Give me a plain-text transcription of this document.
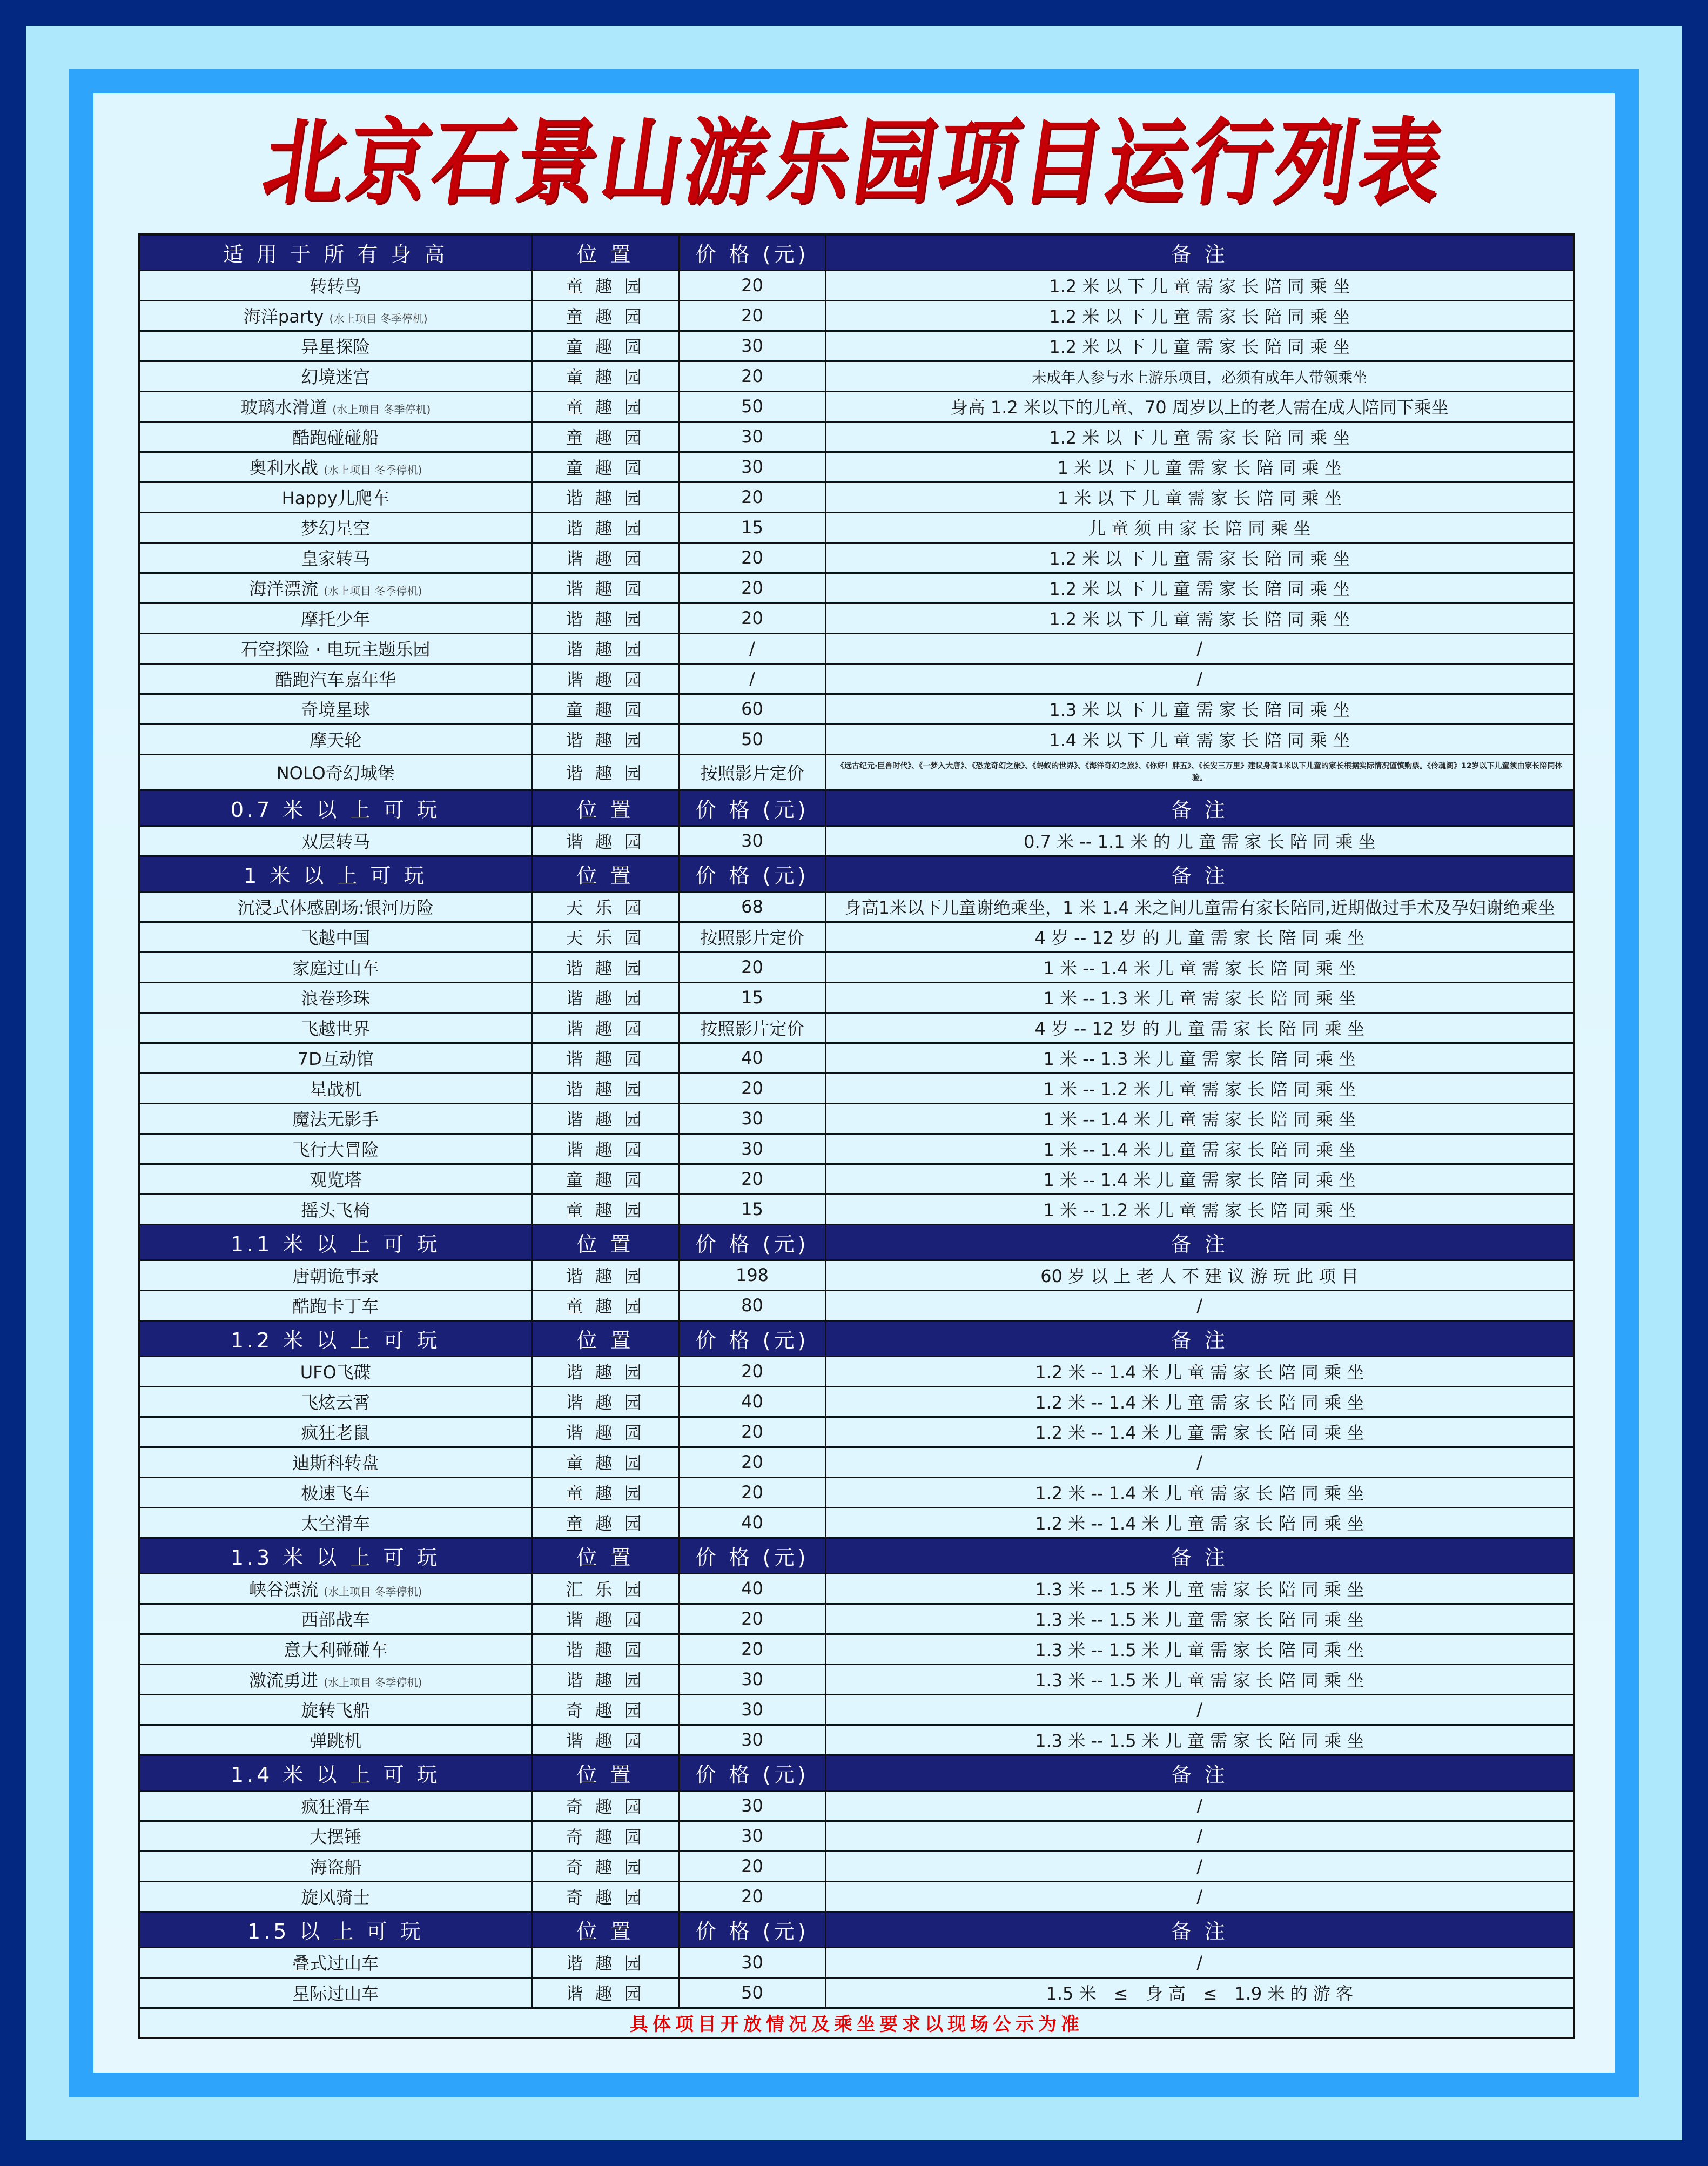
北京石景山游乐园项目运行列表
适 用 于 所 有 身 高	位 置	价 格 (元)	备 注
转转鸟	童 趣 园	20	1.2 米 以 下 儿 童 需 家 长 陪 同 乘 坐
海洋party (水上项目 冬季停机)	童 趣 园	20	1.2 米 以 下 儿 童 需 家 长 陪 同 乘 坐
异星探险	童 趣 园	30	1.2 米 以 下 儿 童 需 家 长 陪 同 乘 坐
幻境迷宫	童 趣 园	20	未成年人参与水上游乐项目，必须有成年人带领乘坐
玻璃水滑道 (水上项目 冬季停机)	童 趣 园	50	身高 1.2 米以下的儿童、70 周岁以上的老人需在成人陪同下乘坐
酷跑碰碰船	童 趣 园	30	1.2 米 以 下 儿 童 需 家 长 陪 同 乘 坐
奥利水战 (水上项目 冬季停机)	童 趣 园	30	1 米 以 下 儿 童 需 家 长 陪 同 乘 坐
Happy儿爬车	谐 趣 园	20	1 米 以 下 儿 童 需 家 长 陪 同 乘 坐
梦幻星空	谐 趣 园	15	儿 童 须 由 家 长 陪 同 乘 坐
皇家转马	谐 趣 园	20	1.2 米 以 下 儿 童 需 家 长 陪 同 乘 坐
海洋漂流 (水上项目 冬季停机)	谐 趣 园	20	1.2 米 以 下 儿 童 需 家 长 陪 同 乘 坐
摩托少年	谐 趣 园	20	1.2 米 以 下 儿 童 需 家 长 陪 同 乘 坐
石空探险 · 电玩主题乐园	谐 趣 园	/	/
酷跑汽车嘉年华	谐 趣 园	/	/
奇境星球	童 趣 园	60	1.3 米 以 下 儿 童 需 家 长 陪 同 乘 坐
摩天轮	谐 趣 园	50	1.4 米 以 下 儿 童 需 家 长 陪 同 乘 坐
NOLO奇幻城堡	谐 趣 园	按照影片定价	《远古纪元·巨兽时代》、《一梦入大唐》、《恐龙奇幻之旅》、《蚂蚁的世界》、《海洋奇幻之旅》、《你好！胖五》、《长安三万里》建议身高1米以下儿童的家长根据实际情况谨慎购票。《伶魂阁》12岁以下儿童须由家长陪同体验。
0.7 米 以 上 可 玩	位 置	价 格 (元)	备 注
双层转马	谐 趣 园	30	0.7 米 -- 1.1 米 的 儿 童 需 家 长 陪 同 乘 坐
1 米 以 上 可 玩	位 置	价 格 (元)	备 注
沉浸式体感剧场:银河历险	天 乐 园	68	身高1米以下儿童谢绝乘坐，1 米 1.4 米之间儿童需有家长陪同,近期做过手术及孕妇谢绝乘坐
飞越中国	天 乐 园	按照影片定价	4 岁 -- 12 岁 的 儿 童 需 家 长 陪 同 乘 坐
家庭过山车	谐 趣 园	20	1 米 -- 1.4 米 儿 童 需 家 长 陪 同 乘 坐
浪卷珍珠	谐 趣 园	15	1 米 -- 1.3 米 儿 童 需 家 长 陪 同 乘 坐
飞越世界	谐 趣 园	按照影片定价	4 岁 -- 12 岁 的 儿 童 需 家 长 陪 同 乘 坐
7D互动馆	谐 趣 园	40	1 米 -- 1.3 米 儿 童 需 家 长 陪 同 乘 坐
星战机	谐 趣 园	20	1 米 -- 1.2 米 儿 童 需 家 长 陪 同 乘 坐
魔法无影手	谐 趣 园	30	1 米 -- 1.4 米 儿 童 需 家 长 陪 同 乘 坐
飞行大冒险	谐 趣 园	30	1 米 -- 1.4 米 儿 童 需 家 长 陪 同 乘 坐
观览塔	童 趣 园	20	1 米 -- 1.4 米 儿 童 需 家 长 陪 同 乘 坐
摇头飞椅	童 趣 园	15	1 米 -- 1.2 米 儿 童 需 家 长 陪 同 乘 坐
1.1 米 以 上 可 玩	位 置	价 格 (元)	备 注
唐朝诡事录	谐 趣 园	198	60 岁 以 上 老 人 不 建 议 游 玩 此 项 目
酷跑卡丁车	童 趣 园	80	/
1.2 米 以 上 可 玩	位 置	价 格 (元)	备 注
UFO飞碟	谐 趣 园	20	1.2 米 -- 1.4 米 儿 童 需 家 长 陪 同 乘 坐
飞炫云霄	谐 趣 园	40	1.2 米 -- 1.4 米 儿 童 需 家 长 陪 同 乘 坐
疯狂老鼠	谐 趣 园	20	1.2 米 -- 1.4 米 儿 童 需 家 长 陪 同 乘 坐
迪斯科转盘	童 趣 园	20	/
极速飞车	童 趣 园	20	1.2 米 -- 1.4 米 儿 童 需 家 长 陪 同 乘 坐
太空滑车	童 趣 园	40	1.2 米 -- 1.4 米 儿 童 需 家 长 陪 同 乘 坐
1.3 米 以 上 可 玩	位 置	价 格 (元)	备 注
峡谷漂流 (水上项目 冬季停机)	汇 乐 园	40	1.3 米 -- 1.5 米 儿 童 需 家 长 陪 同 乘 坐
西部战车	谐 趣 园	20	1.3 米 -- 1.5 米 儿 童 需 家 长 陪 同 乘 坐
意大利碰碰车	谐 趣 园	20	1.3 米 -- 1.5 米 儿 童 需 家 长 陪 同 乘 坐
激流勇进 (水上项目 冬季停机)	谐 趣 园	30	1.3 米 -- 1.5 米 儿 童 需 家 长 陪 同 乘 坐
旋转飞船	奇 趣 园	30	/
弹跳机	谐 趣 园	30	1.3 米 -- 1.5 米 儿 童 需 家 长 陪 同 乘 坐
1.4 米 以 上 可 玩	位 置	价 格 (元)	备 注
疯狂滑车	奇 趣 园	30	/
大摆锤	奇 趣 园	30	/
海盗船	奇 趣 园	20	/
旋风骑士	奇 趣 园	20	/
1.5 以 上 可 玩	位 置	价 格 (元)	备 注
叠式过山车	谐 趣 园	30	/
星际过山车	谐 趣 园	50	1.5 米　≤　身 高　≤　1.9 米 的 游 客
具体项目开放情况及乘坐要求以现场公示为准			
